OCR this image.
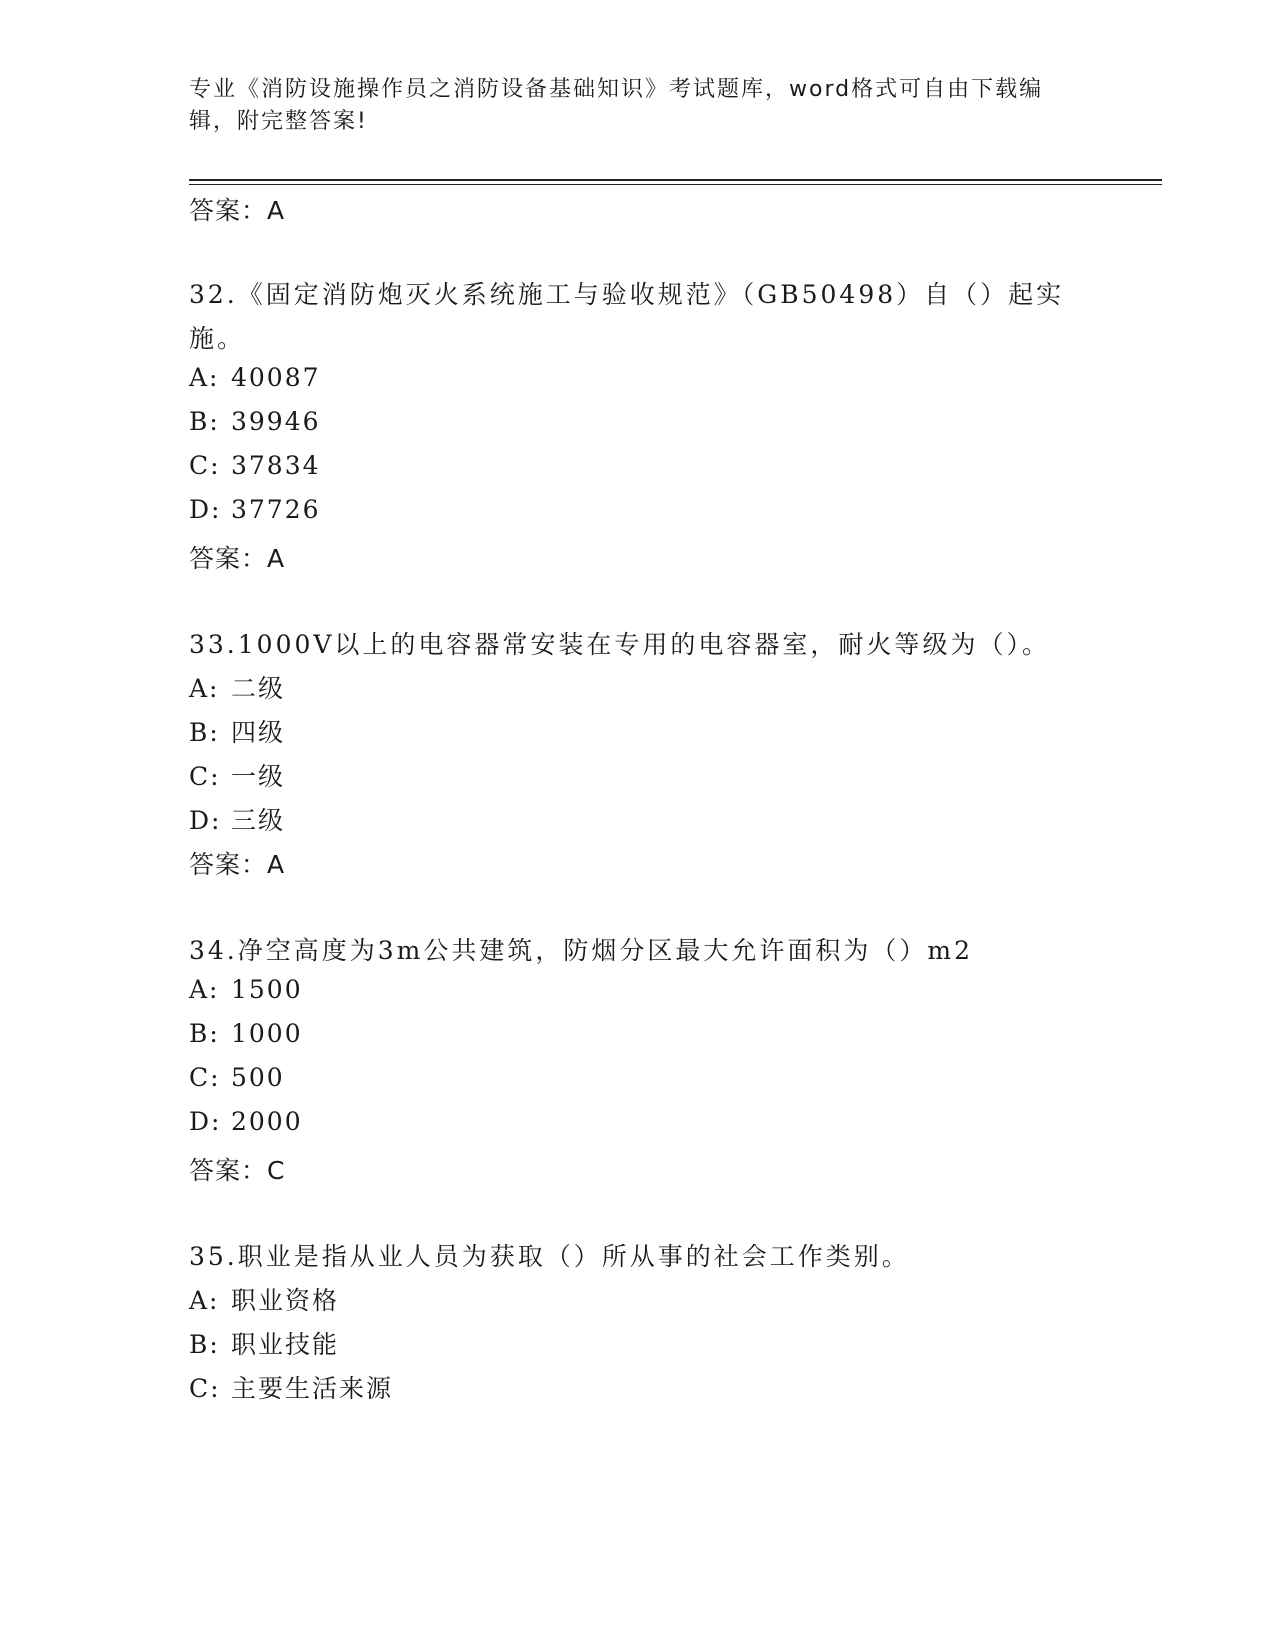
专业《消防设施操作员之消防设备基础知识》考试题库，word格式可自由下载编
辑，附完整答案!

答案：A

32.《固定消防炮灭火系统施工与验收规范》（GB50498）自（）起实

施。

A: 40087

B: 39946

C: 37834

D: 37726

答案：A

33.1000V以上的电容器常安装在专用的电容器室，耐火等级为（）。

A: 二级

B: 四级

C: 一级

D: 三级

答案：A

34.净空高度为3m公共建筑，防烟分区最大允许面积为（）m2

A: 1500

B: 1000

C: 500

D: 2000

答案：C

35.职业是指从业人员为获取（）所从事的社会工作类别。

A: 职业资格

B: 职业技能

C: 主要生活来源
